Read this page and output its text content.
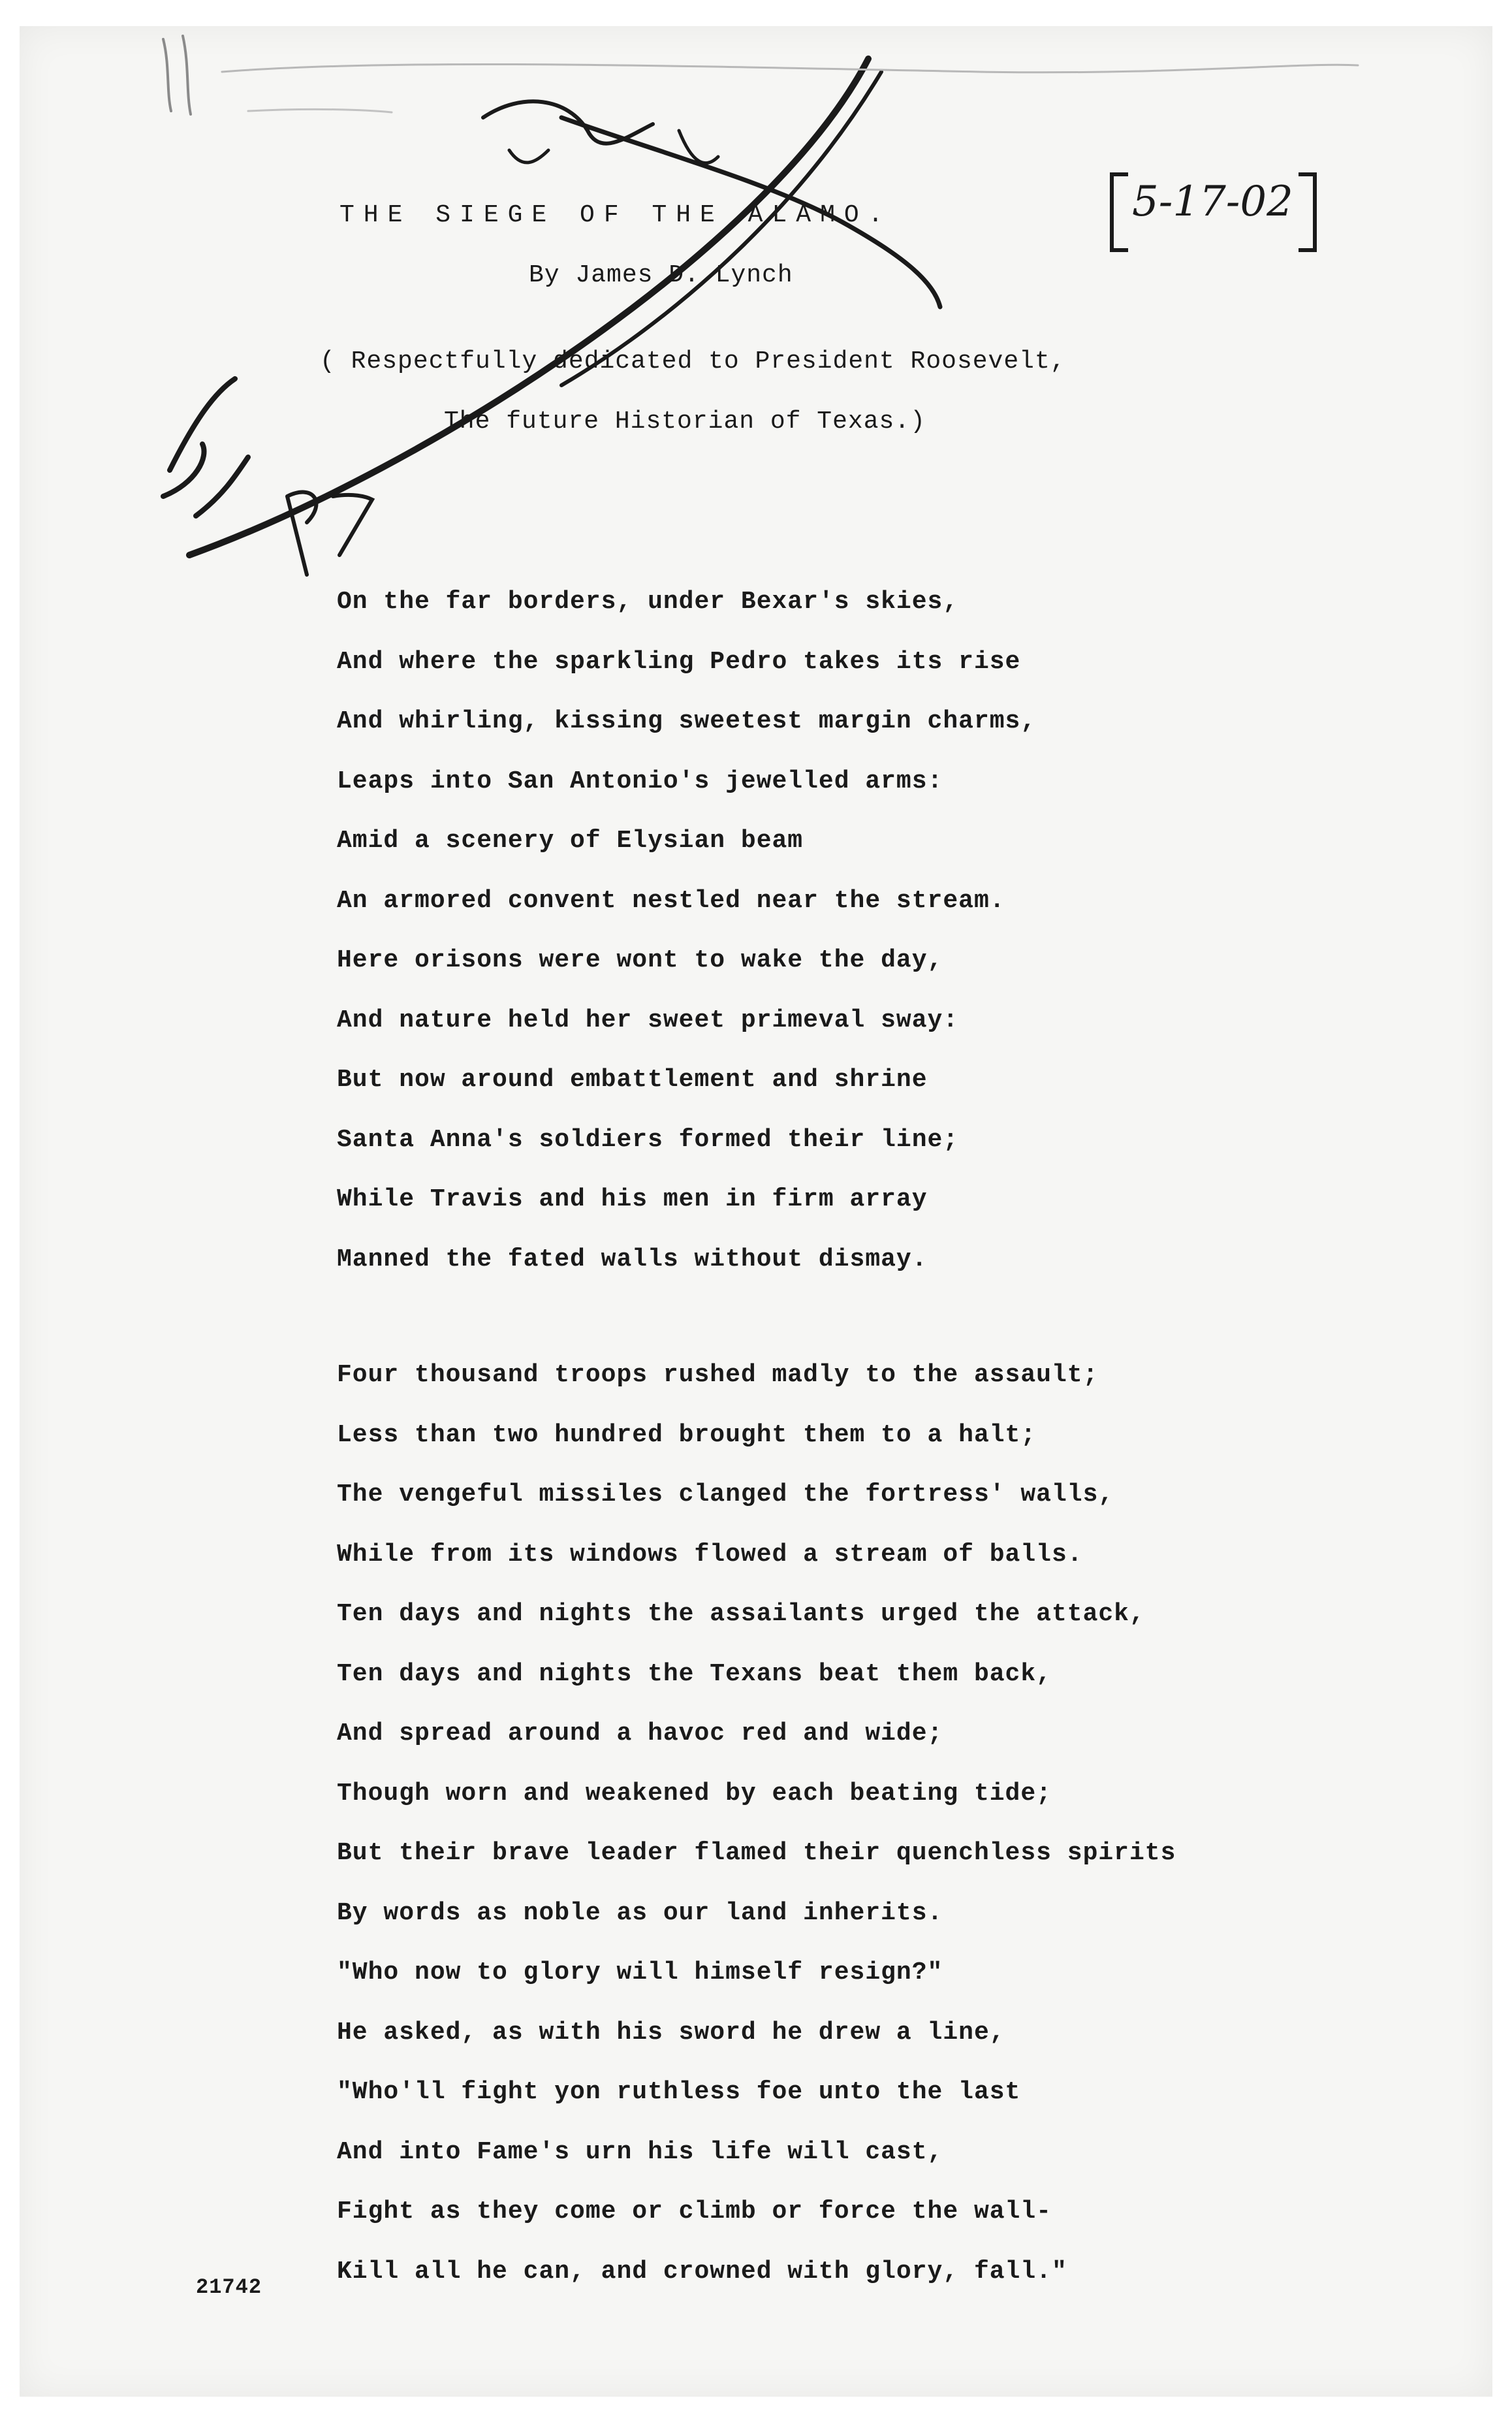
THE SIEGE OF THE ALAMO.
By James D. Lynch
( Respectfully dedicated to President Roosevelt,
The future Historian of Texas.)
5-17-02
On the far borders, under Bexar's skies,
And where the sparkling Pedro takes its rise
And whirling, kissing sweetest margin charms,
Leaps into San Antonio's jewelled arms:
Amid a scenery of Elysian beam
An armored convent nestled near the stream.
Here orisons were wont to wake the day,
And nature held her sweet primeval sway:
But now around embattlement and shrine
Santa Anna's soldiers formed their line;
While Travis and his men in firm array
Manned the fated walls without dismay.
Four thousand troops rushed madly to the assault;
Less than two hundred brought them to a halt;
The vengeful missiles clanged the fortress' walls,
While from its windows flowed a stream of balls.
Ten days and nights the assailants urged the attack,
Ten days and nights the Texans beat them back,
And spread around a havoc red and wide;
Though worn and weakened by each beating tide;
But their brave leader flamed their quenchless spirits
By words as noble as our land inherits.
"Who now to glory will himself resign?"
He asked, as with his sword he drew a line,
"Who'll fight yon ruthless foe unto the last
And into Fame's urn his life will cast,
Fight as they come or climb or force the wall-
Kill all he can, and crowned with glory, fall."
21742
